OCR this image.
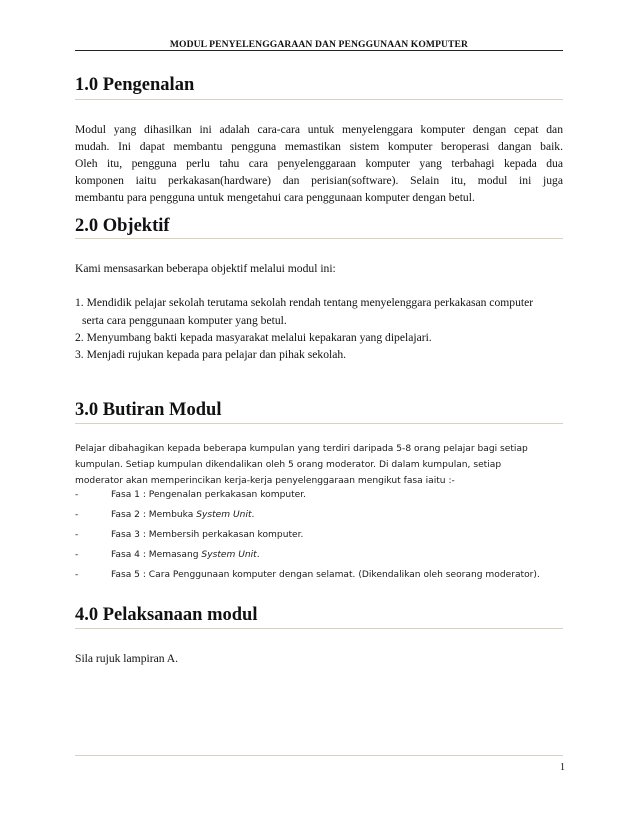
MODUL PENYELENGGARAAN DAN PENGGUNAAN KOMPUTER
1.0 Pengenalan
Modul yang dihasilkan ini adalah cara-cara untuk menyelenggara komputer dengan cepat dan
mudah. Ini dapat membantu pengguna memastikan sistem komputer beroperasi dangan baik.
Oleh itu, pengguna perlu tahu cara penyelenggaraan komputer yang terbahagi kepada dua
komponen iaitu perkakasan(hardware) dan perisian(software). Selain itu, modul ini juga
membantu para pengguna untuk mengetahui cara penggunaan komputer dengan betul.
2.0 Objektif

Kami mensasarkan beberapa objektif melalui modul ini:

1. Mendidik pelajar sekolah terutama sekolah rendah tentang menyelenggara perkakasan computer

serta cara penggunaan komputer yang betul.

2. Menyumbang bakti kepada masyarakat melalui kepakaran yang dipelajari.

3. Menjadi rujukan kepada para pelajar dan pihak sekolah.

3.0 Butiran Modul
Pelajar dibahagikan kepada beberapa kumpulan yang terdiri daripada 5-8 orang pelajar bagi setiap
kumpulan. Setiap kumpulan dikendalikan oleh 5 orang moderator. Di dalam kumpulan, setiap
moderator akan memperincikan kerja-kerja penyelenggaraan mengikut fasa iaitu :-
-	Fasa 1 : Pengenalan perkakasan komputer.
-	Fasa 2 : Membuka System Unit.
-	Fasa 3 : Membersih perkakasan komputer.
-	Fasa 4 : Memasang System Unit.
-	Fasa 5 : Cara Penggunaan komputer dengan selamat. (Dikendalikan oleh seorang moderator).
4.0 Pelaksanaan modul

Sila rujuk lampiran A.

1
